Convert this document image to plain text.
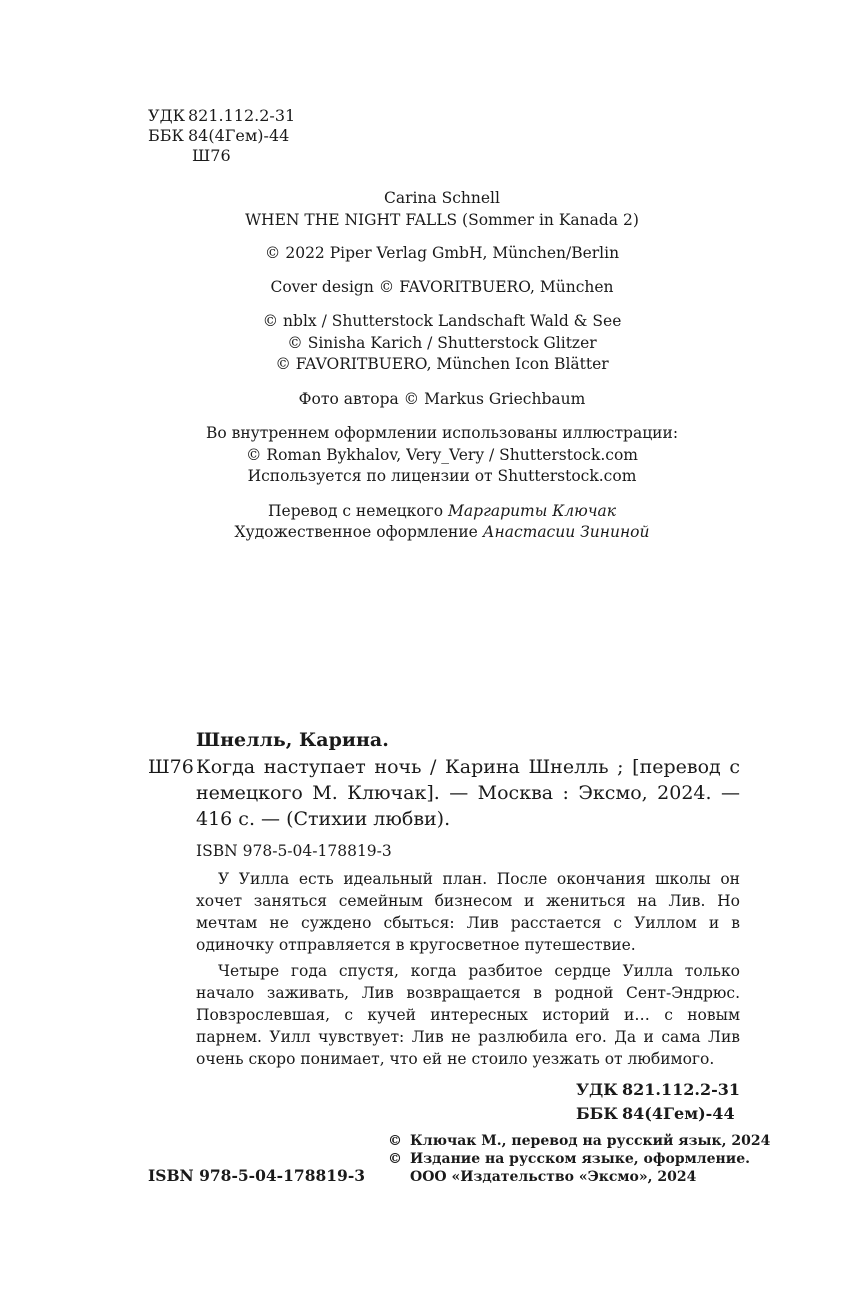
УДК 821.112.2-31
ББК 84(4Гем)-44
Ш76
Carina Schnell
WHEN THE NIGHT FALLS (Sommer in Kanada 2)
© 2022 Piper Verlag GmbH, München/Berlin
Cover design © FAVORITBUERO, München
© nblx / Shutterstock Landschaft Wald & See
© Sinisha Karich / Shutterstock Glitzer
© FAVORITBUERO, München Icon Blätter
Фото автора © Markus Griechbaum
Во внутреннем оформлении использованы иллюстрации:
© Roman Bykhalov, Very_Very / Shutterstock.com
Используется по лицензии от Shutterstock.com
Перевод с немецкого Маргариты Ключак
Художественное оформление Анастасии Зининой
Шнелль, Карина.
Ш76 Когда наступает ночь / Карина Шнелль ; [перевод с немецкого М. Ключак]. — Москва : Эксмо, 2024. — 416 с. — (Стихии любви).
ISBN 978-5-04-178819-3

У Уилла есть идеальный план. После окончания школы он хочет заняться семейным бизнесом и жениться на Лив. Но мечтам не суждено сбыться: Лив расстается с Уиллом и в одиночку отправляется в кругосветное путешествие.

Четыре года спустя, когда разбитое сердце Уилла только начало заживать, Лив возвращается в родной Сент-Эндрюс. Повзрослевшая, с кучей интересных историй и… с новым парнем. Уилл чувствует: Лив не разлюбила его. Да и сама Лив очень скоро понимает, что ей не стоило уезжать от любимого.

УДК 821.112.2-31
ББК 84(4Гем)-44
© Ключак М., перевод на русский язык, 2024
© Издание на русском языке, оформление.
ООО «Издательство «Эксмо», 2024
ISBN 978-5-04-178819-3
